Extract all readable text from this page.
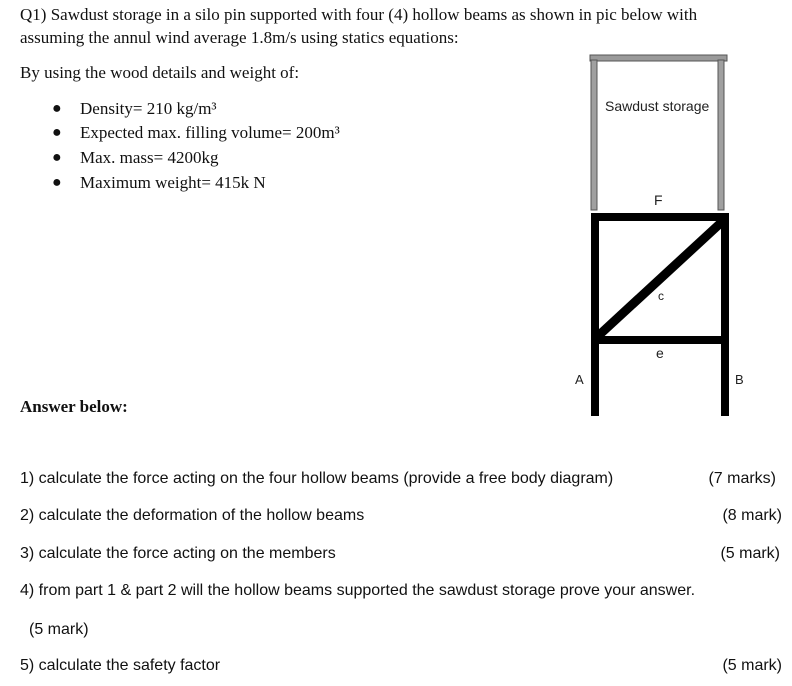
Q1) Sawdust storage in a silo pin supported with four (4) hollow beams as shown in pic below with
assuming the annul wind average 1.8m/s using statics equations:
By using the wood details and weight of:
● Density= 210 kg/m³
● Expected max. filling volume= 200m³
● Max. mass= 4200kg
● Maximum weight= 415k N
Answer below:
Sawdust storage
F
c
e
A	B
1) calculate the force acting on the four hollow beams (provide a free body diagram)	(7 marks)
2) calculate the deformation of the hollow beams	(8 mark)
3) calculate the force acting on the members	(5 mark)
4) from part 1 & part 2 will the hollow beams supported the sawdust storage prove your answer.
(5 mark)
5) calculate the safety factor	(5 mark)
